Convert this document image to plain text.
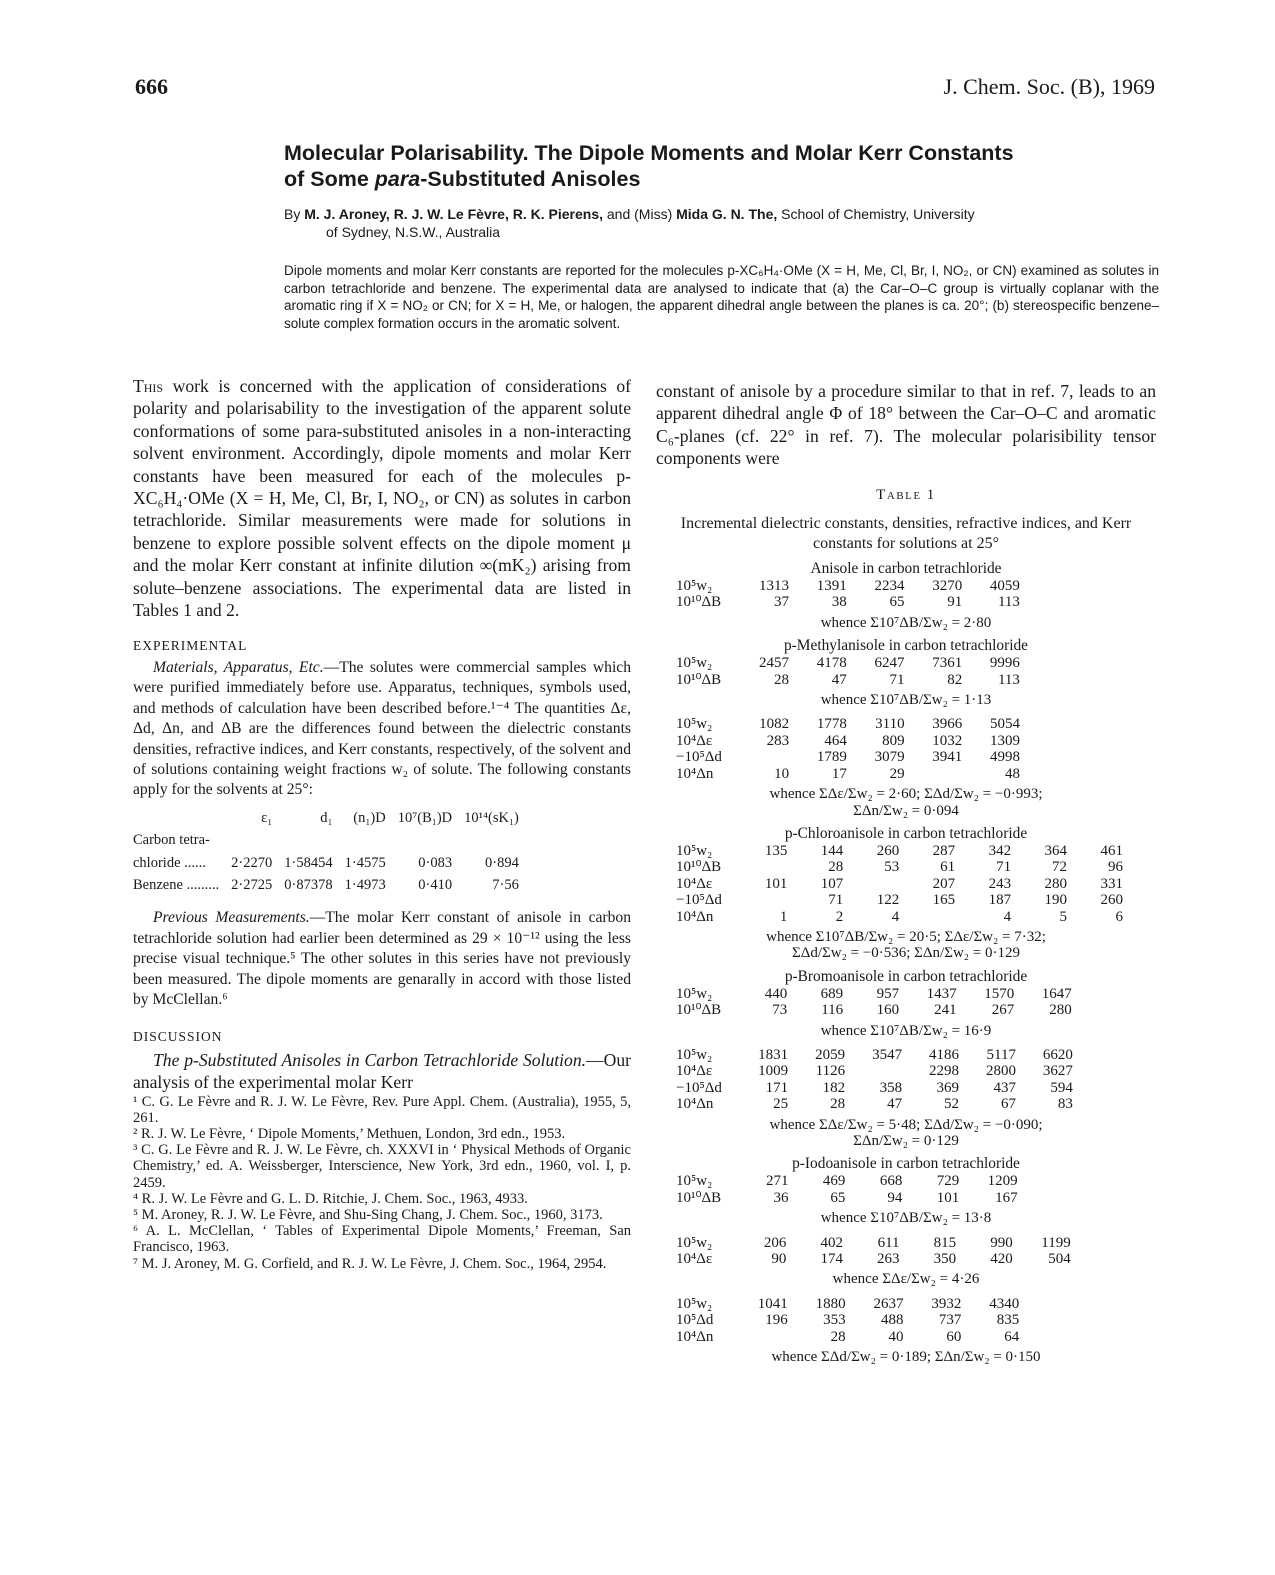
666	J. Chem. Soc. (B), 1969
Molecular Polarisability. The Dipole Moments and Molar Kerr Constants
of Some para-Substituted Anisoles
By M. J. Aroney, R. J. W. Le Fèvre, R. K. Pierens, and (Miss) Mida G. N. The, School of Chemistry, University
of Sydney, N.S.W., Australia
Dipole moments and molar Kerr constants are reported for the molecules p-XC₆H₄·OMe (X = H, Me, Cl, Br, I, NO₂, or CN) examined as solutes in carbon tetrachloride and benzene. The experimental data are analysed to indicate that (a) the Car–O–C group is virtually coplanar with the aromatic ring if X = NO₂ or CN; for X = H, Me, or halogen, the apparent dihedral angle between the planes is ca. 20°; (b) stereospecific benzene–solute complex formation occurs in the aromatic solvent.

This work is concerned with the application of considerations of polarity and polarisability to the investigation of the apparent solute conformations of some para-substituted anisoles in a non-interacting solvent environment. Accordingly, dipole moments and molar Kerr constants have been measured for each of the molecules p-XC₆H₄·OMe (X = H, Me, Cl, Br, I, NO₂, or CN) as solutes in carbon tetrachloride. Similar measurements were made for solutions in benzene to explore possible solvent effects on the dipole moment μ and the molar Kerr constant at infinite dilution ∞(mK₂) arising from solute–benzene associations. The experimental data are listed in Tables 1 and 2.

EXPERIMENTAL

Materials, Apparatus, Etc.—The solutes were commercial samples which were purified immediately before use. Apparatus, techniques, symbols used, and methods of calculation have been described before.¹⁻⁴ The quantities Δε, Δd, Δn, and ΔB are the differences found between the dielectric constants densities, refractive indices, and Kerr constants, respectively, of the solvent and of solutions containing weight fractions w₂ of solute. The following constants apply for the solvents at 25°:

	ε₁	d₁	(n₁)D	10⁷(B₁)D	10¹⁴(sK₁)
Carbon tetra-					
chloride ......	2·2270	1·58454	1·4575	0·083	0·894
Benzene .........	2·2725	0·87378	1·4973	0·410	7·56

Previous Measurements.—The molar Kerr constant of anisole in carbon tetrachloride solution had earlier been determined as 29 × 10⁻¹² using the less precise visual technique.⁵ The other solutes in this series have not previously been measured. The dipole moments are genarally in accord with those listed by McClellan.⁶

DISCUSSION

The p-Substituted Anisoles in Carbon Tetrachloride Solution.—Our analysis of the experimental molar Kerr

¹ C. G. Le Fèvre and R. J. W. Le Fèvre, Rev. Pure Appl. Chem. (Australia), 1955, 5, 261.

² R. J. W. Le Fèvre, ‘ Dipole Moments,’ Methuen, London, 3rd edn., 1953.

³ C. G. Le Fèvre and R. J. W. Le Fèvre, ch. XXXVI in ‘ Physical Methods of Organic Chemistry,’ ed. A. Weissberger, Interscience, New York, 3rd edn., 1960, vol. I, p. 2459.

⁴ R. J. W. Le Fèvre and G. L. D. Ritchie, J. Chem. Soc., 1963, 4933.

⁵ M. Aroney, R. J. W. Le Fèvre, and Shu-Sing Chang, J. Chem. Soc., 1960, 3173.

⁶ A. L. McClellan, ‘ Tables of Experimental Dipole Moments,’ Freeman, San Francisco, 1963.

⁷ M. J. Aroney, M. G. Corfield, and R. J. W. Le Fèvre, J. Chem. Soc., 1964, 2954.

constant of anisole by a procedure similar to that in ref. 7, leads to an apparent dihedral angle Φ of 18° between the Car–O–C and aromatic C₆-planes (cf. 22° in ref. 7). The molecular polarisibility tensor components were

Table 1
Incremental dielectric constants, densities, refractive indices, and Kerr constants for solutions at 25°
Anisole in carbon tetrachloride
10⁵w₂	1313	1391	2234	3270	4059		
10¹⁰ΔB	37	38	65	91	113		
whence Σ10⁷ΔB/Σw₂ = 2·80
p-Methylanisole in carbon tetrachloride
10⁵w₂	2457	4178	6247	7361	9996		
10¹⁰ΔB	28	47	71	82	113		
whence Σ10⁷ΔB/Σw₂ = 1·13
10⁵w₂	1082	1778	3110	3966	5054		
10⁴Δε	283	464	809	1032	1309		
−10⁵Δd		1789	3079	3941	4998		
10⁴Δn	10	17	29		48		
whence ΣΔε/Σw₂ = 2·60; ΣΔd/Σw₂ = −0·993;
ΣΔn/Σw₂ = 0·094
p-Chloroanisole in carbon tetrachloride
10⁵w₂	135	144	260	287	342	364	461
10¹⁰ΔB		28	53	61	71	72	96
10⁴Δε	101	107		207	243	280	331
−10⁵Δd		71	122	165	187	190	260
10⁴Δn	1	2	4		4	5	6
whence Σ10⁷ΔB/Σw₂ = 20·5; ΣΔε/Σw₂ = 7·32;
ΣΔd/Σw₂ = −0·536; ΣΔn/Σw₂ = 0·129
p-Bromoanisole in carbon tetrachloride
10⁵w₂	440	689	957	1437	1570	1647	
10¹⁰ΔB	73	116	160	241	267	280	
whence Σ10⁷ΔB/Σw₂ = 16·9
10⁵w₂	1831	2059	3547	4186	5117	6620	
10⁴Δε	1009	1126		2298	2800	3627	
−10⁵Δd	171	182	358	369	437	594	
10⁴Δn	25	28	47	52	67	83	
whence ΣΔε/Σw₂ = 5·48; ΣΔd/Σw₂ = −0·090;
ΣΔn/Σw₂ = 0·129
p-Iodoanisole in carbon tetrachloride
10⁵w₂	271	469	668	729	1209		
10¹⁰ΔB	36	65	94	101	167		
whence Σ10⁷ΔB/Σw₂ = 13·8
10⁵w₂	206	402	611	815	990	1199	
10⁴Δε	90	174	263	350	420	504	
whence ΣΔε/Σw₂ = 4·26
10⁵w₂	1041	1880	2637	3932	4340		
10⁵Δd	196	353	488	737	835		
10⁴Δn		28	40	60	64		
whence ΣΔd/Σw₂ = 0·189; ΣΔn/Σw₂ = 0·150
